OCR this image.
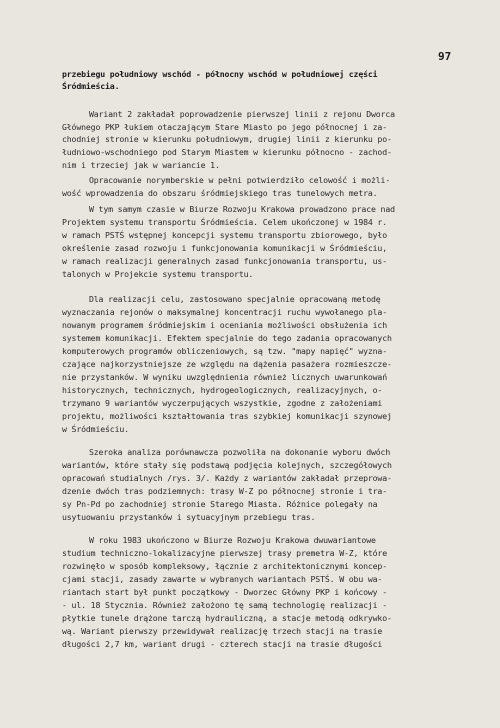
97
przebiegu południowy wschód - północny wschód w południowej części
Śródmieścia.
Wariant 2 zakładał poprowadzenie pierwszej linii z rejonu Dworca
Głównego PKP łukiem otaczającym Stare Miasto po jego północnej i za-
chodniej stronie w kierunku południowym, drugiej linii z kierunku po-
łudniowo-wschodniego pod Starym Miastem w kierunku północno - zachod-
nim i trzeciej jak w wariancie 1.
Opracowanie norymberskie w pełni potwierdziło celowość i możli-
wość wprowadzenia do obszaru śródmiejskiego tras tunelowych metra.
W tym samym czasie w Biurze Rozwoju Krakowa prowadzono prace nad
Projektem systemu transportu Śródmieścia. Celem ukończonej w 1984 r.
w ramach PSTŚ wstępnej koncepcji systemu transportu zbiorowego, było
określenie zasad rozwoju i funkcjonowania komunikacji w Śródmieściu,
w ramach realizacji generalnych zasad funkcjonowania transportu, us-
talonych w Projekcie systemu transportu.
Dla realizacji celu, zastosowano specjalnie opracowaną metodę
wyznaczania rejonów o maksymalnej koncentracji ruchu wywołanego pla-
nowanym programem śródmiejskim i oceniania możliwości obsłużenia ich
systemem komunikacji. Efektem specjalnie do tego zadania opracowanych
komputerowych programów obliczeniowych, są tzw. "mapy napięć" wyzna-
czające najkorzystniejsze ze względu na dążenia pasażera rozmieszcze-
nie przystanków. W wyniku uwzględnienia również licznych uwarunkowań
historycznych, technicznych, hydrogeologicznych, realizacyjnych, o-
trzymano 9 wariantów wyczerpujących wszystkie, zgodne z założeniami
projektu, możliwości kształtowania tras szybkiej komunikacji szynowej
w Śródmieściu.
Szeroka analiza porównawcza pozwoliła na dokonanie wyboru dwóch
wariantów, które stały się podstawą podjęcia kolejnych, szczegółowych
opracowań studialnych /rys. 3/. Każdy z wariantów zakładał przeprowa-
dzenie dwóch tras podziemnych: trasy W-Z po północnej stronie i tra-
sy Pn-Pd po zachodniej stronie Starego Miasta. Różnice polegały na
usytuowaniu przystanków i sytuacyjnym przebiegu tras.
W roku 1983 ukończono w Biurze Rozwoju Krakowa dwuwariantowe
studium techniczno-lokalizacyjne pierwszej trasy premetra W-Z, które
rozwinęło w sposób kompleksowy, łącznie z architektonicznymi koncep-
cjami stacji, zasady zawarte w wybranych wariantach PSTŚ. W obu wa-
riantach start był punkt początkowy - Dworzec Główny PKP i końcowy -
- ul. 18 Stycznia. Również założono tę samą technologię realizacji -
płytkie tunele drążone tarczą hydrauliczną, a stacje metodą odkrywko-
wą. Wariant pierwszy przewidywał realizację trzech stacji na trasie
długości 2,7 km, wariant drugi - czterech stacji na trasie długości
